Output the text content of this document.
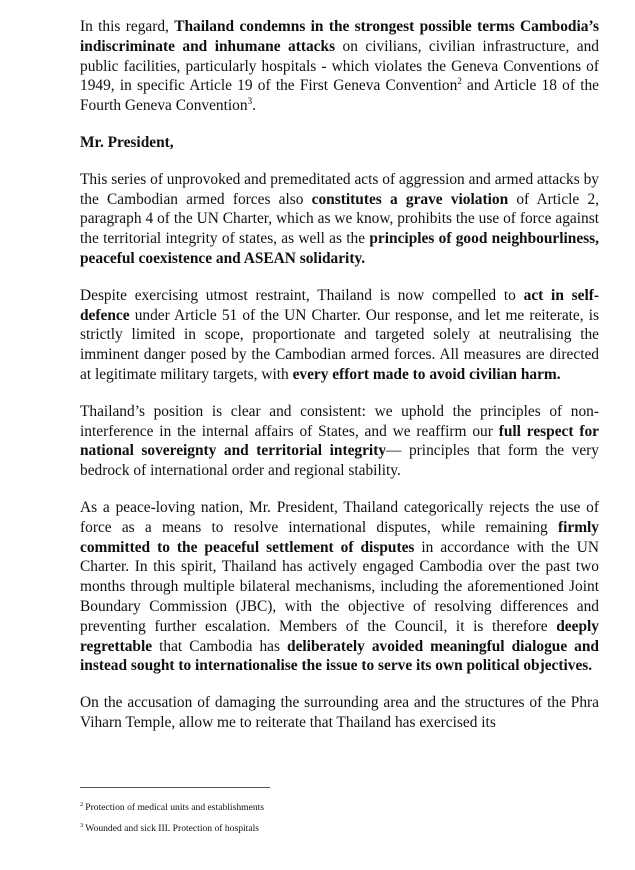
In this regard, Thailand condemns in the strongest possible terms Cambodia’s indiscriminate and inhumane attacks on civilians, civilian infrastructure, and public facilities, particularly hospitals - which violates the Geneva Conventions of 1949, in specific Article 19 of the First Geneva Convention$^2$ and Article 18 of the Fourth Geneva Convention$^3$.

Mr. President,

This series of unprovoked and premeditated acts of aggression and armed attacks by the Cambodian armed forces also constitutes a grave violation of Article 2, paragraph 4 of the UN Charter, which as we know, prohibits the use of force against the territorial integrity of states, as well as the principles of good neighbourliness, peaceful coexistence and ASEAN solidarity.

Despite exercising utmost restraint, Thailand is now compelled to act in self-defence under Article 51 of the UN Charter. Our response, and let me reiterate, is strictly limited in scope, proportionate and targeted solely at neutralising the imminent danger posed by the Cambodian armed forces. All measures are directed at legitimate military targets, with every effort made to avoid civilian harm.

Thailand’s position is clear and consistent: we uphold the principles of non-interference in the internal affairs of States, and we reaffirm our full respect for national sovereignty and territorial integrity— principles that form the very bedrock of international order and regional stability.

As a peace-loving nation, Mr. President, Thailand categorically rejects the use of force as a means to resolve international disputes, while remaining firmly committed to the peaceful settlement of disputes in accordance with the UN Charter. In this spirit, Thailand has actively engaged Cambodia over the past two months through multiple bilateral mechanisms, including the aforementioned Joint Boundary Commission (JBC), with the objective of resolving differences and preventing further escalation. Members of the Council, it is therefore deeply regrettable that Cambodia has deliberately avoided meaningful dialogue and instead sought to internationalise the issue to serve its own political objectives.

On the accusation of damaging the surrounding area and the structures of the Phra Viharn Temple, allow me to reiterate that Thailand has exercised its

$^2$ Protection of medical units and establishments

$^3$ Wounded and sick III. Protection of hospitals
